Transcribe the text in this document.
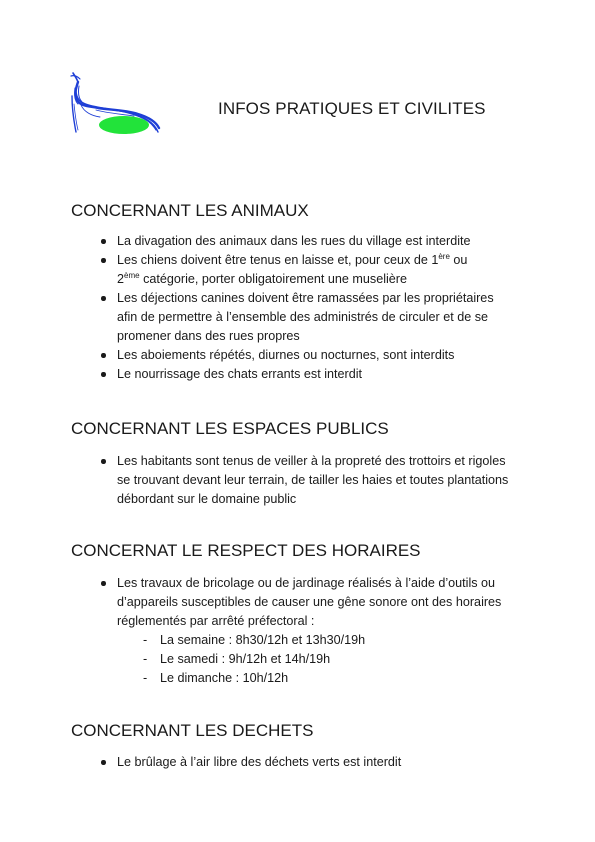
INFOS PRATIQUES ET CIVILITES
CONCERNANT LES ANIMAUX
La divagation des animaux dans les rues du village est interdite
Les chiens doivent être tenus en laisse et, pour ceux de 1ère ou
2ème catégorie, porter obligatoirement une muselière
Les déjections canines doivent être ramassées par les propriétaires afin de permettre à l’ensemble des administrés de circuler et de se promener dans des rues propres
Les aboiements répétés, diurnes ou nocturnes, sont interdits
Le nourrissage des chats errants est interdit
CONCERNANT LES ESPACES PUBLICS
Les habitants sont tenus de veiller à la propreté des trottoirs et rigoles se trouvant devant leur terrain, de tailler les haies et toutes plantations débordant sur le domaine public
CONCERNAT LE RESPECT DES HORAIRES
Les travaux de bricolage ou de jardinage réalisés à l’aide d’outils ou d’appareils susceptibles de causer une gêne sonore ont des horaires réglementés par arrêté préfectoral :
- La semaine : 8h30/12h et 13h30/19h
- Le samedi : 9h/12h et 14h/19h
- Le dimanche : 10h/12h
CONCERNANT LES DECHETS
Le brûlage à l’air libre des déchets verts est interdit
